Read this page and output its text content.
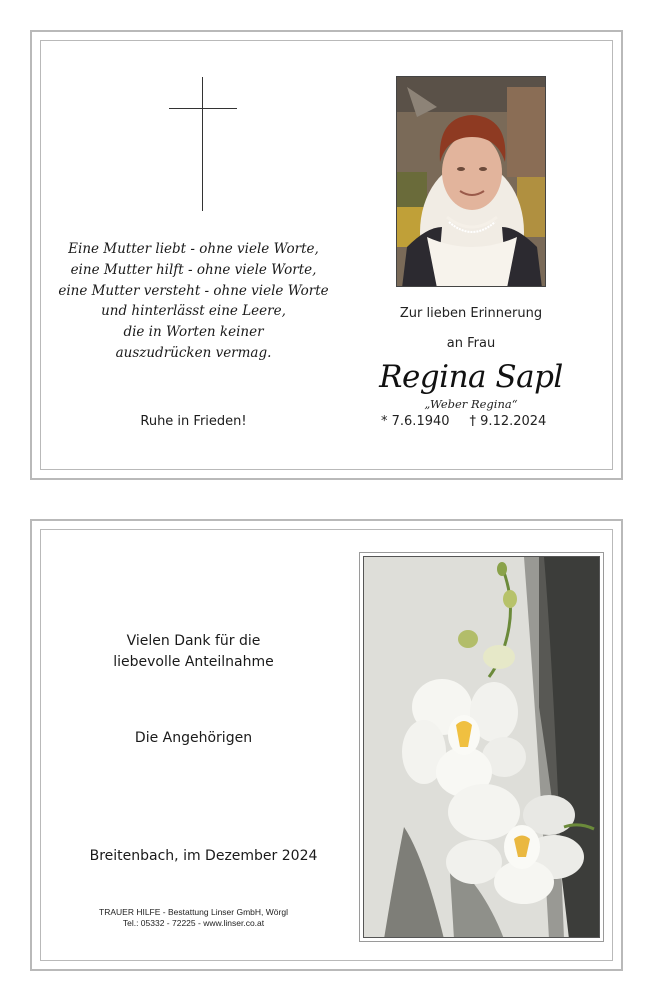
Eine Mutter liebt - ohne viele Worte,
eine Mutter hilft - ohne viele Worte,
eine Mutter versteht - ohne viele Worte
und hinterlässt eine Leere,
die in Worten keiner
auszudrücken vermag.
Ruhe in Frieden!
Zur lieben Erinnerung
an Frau
Regina Sapl
„Weber Regina“
* 7.6.1940 † 9.12.2024
Vielen Dank für die
liebevolle Anteilnahme
Die Angehörigen
Breitenbach, im Dezember 2024
TRAUER HILFE - Bestattung Linser GmbH, Wörgl
Tel.: 05332 - 72225 - www.linser.co.at
